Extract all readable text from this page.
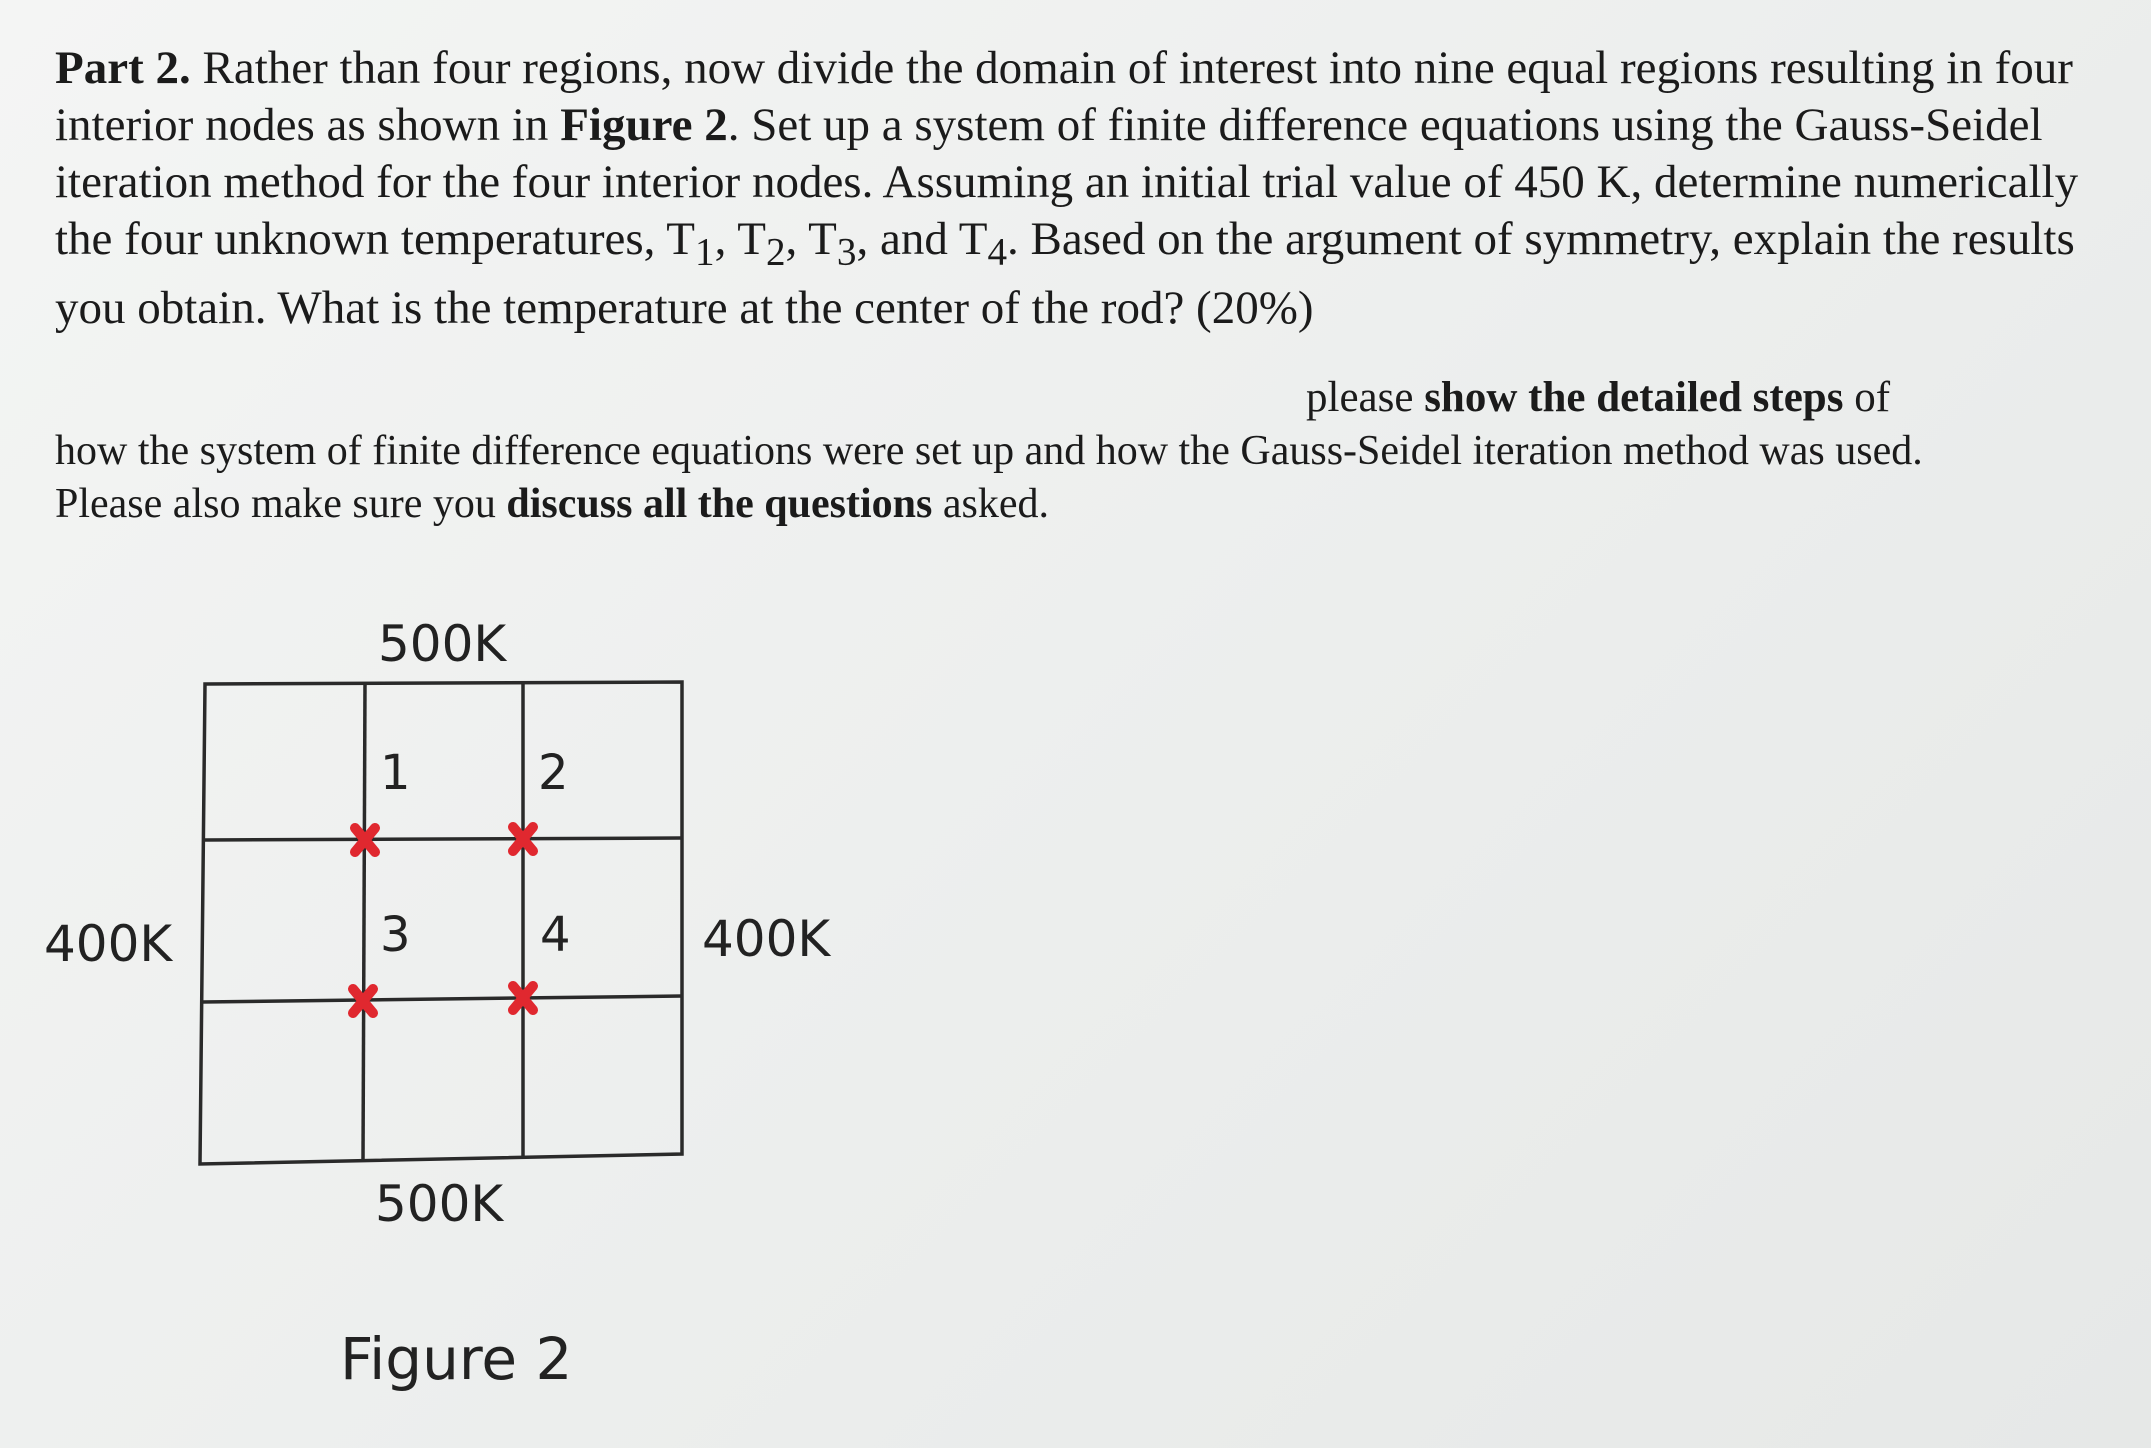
Part 2. Rather than four regions, now divide the domain of interest into nine equal regions resulting in four interior nodes as shown in Figure 2. Set up a system of finite difference equations using the Gauss-Seidel iteration method for the four interior nodes. Assuming an initial trial value of 450 K, determine numerically the four unknown temperatures, $T_1$, $T_2$, $T_3$, and $T_4$. Based on the argument of symmetry, explain the results you obtain. What is the temperature at the center of the rod? (20%)

please show the detailed steps of

how the system of finite difference equations were set up and how the Gauss-Seidel iteration method was used. Please also make sure you discuss all the questions asked.

500K
400K	400K
500K
1	2
3	4
Figure 2
